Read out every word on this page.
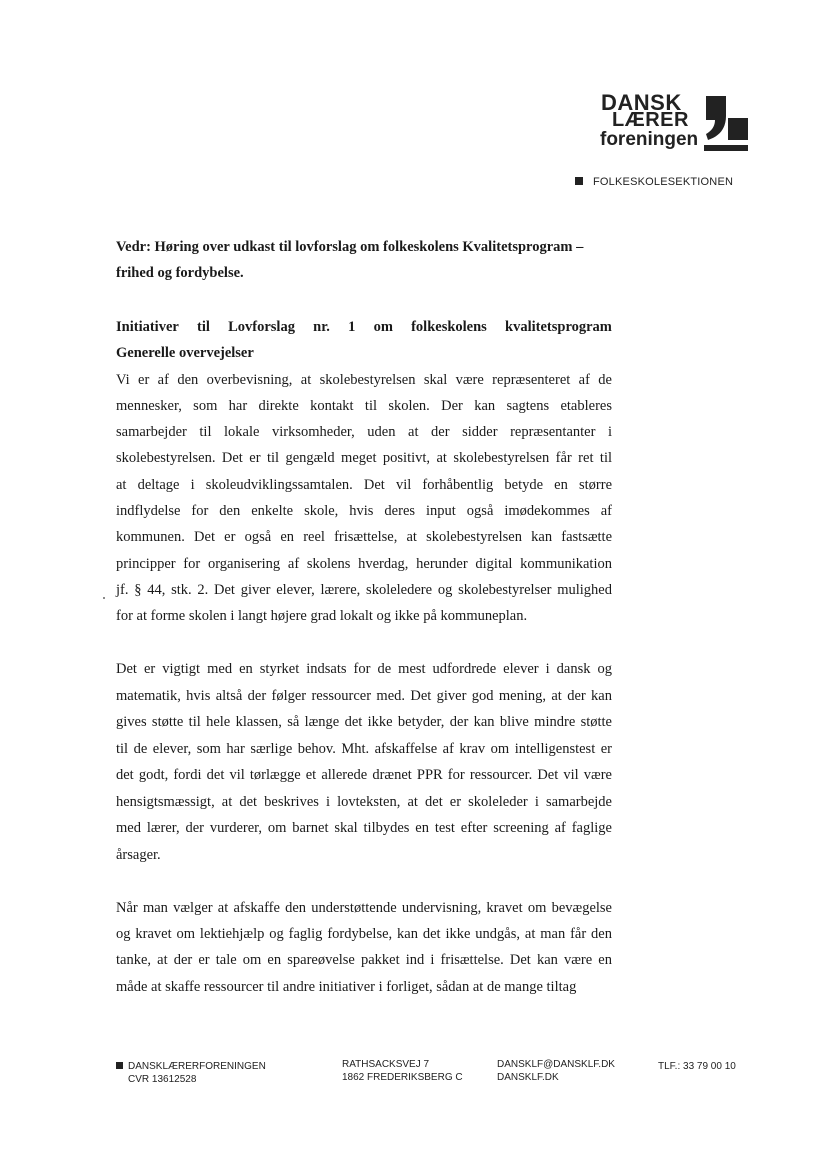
DANSK
LÆRER
foreningen
FOLKESKOLESEKTIONEN
Vedr: Høring over udkast til lovforslag om folkeskolens Kvalitetsprogram –
frihed og fordybelse.
Initiativer til Lovforslag nr. 1 om folkeskolens kvalitetsprogram
Generelle overvejelser
Vi er af den overbevisning, at skolebestyrelsen skal være repræsenteret af de
mennesker, som har direkte kontakt til skolen. Der kan sagtens etableres
samarbejder til lokale virksomheder, uden at der sidder repræsentanter i
skolebestyrelsen. Det er til gengæld meget positivt, at skolebestyrelsen får ret til
at deltage i skoleudviklingssamtalen. Det vil forhåbentlig betyde en større
indflydelse for den enkelte skole, hvis deres input også imødekommes af
kommunen. Det er også en reel frisættelse, at skolebestyrelsen kan fastsætte
principper for organisering af skolens hverdag, herunder digital kommunikation
jf. § 44, stk. 2. Det giver elever, lærere, skoleledere og skolebestyrelser mulighed
for at forme skolen i langt højere grad lokalt og ikke på kommuneplan.
Det er vigtigt med en styrket indsats for de mest udfordrede elever i dansk og
matematik, hvis altså der følger ressourcer med. Det giver god mening, at der kan
gives støtte til hele klassen, så længe det ikke betyder, der kan blive mindre støtte
til de elever, som har særlige behov. Mht. afskaffelse af krav om intelligenstest er
det godt, fordi det vil tørlægge et allerede drænet PPR for ressourcer. Det vil være
hensigtsmæssigt, at det beskrives i lovteksten, at det er skoleleder i samarbejde
med lærer, der vurderer, om barnet skal tilbydes en test efter screening af faglige
årsager.
Når man vælger at afskaffe den understøttende undervisning, kravet om bevægelse
og kravet om lektiehjælp og faglig fordybelse, kan det ikke undgås, at man får den
tanke, at der er tale om en spareøvelse pakket ind i frisættelse. Det kan være en
måde at skaffe ressourcer til andre initiativer i forliget, sådan at de mange tiltag
DANSKLÆRERFORENINGEN
CVR 13612528
RATHSACKSVEJ 7
1862 FREDERIKSBERG C
DANSKLF@DANSKLF.DK
DANSKLF.DK
TLF.: 33 79 00 10
